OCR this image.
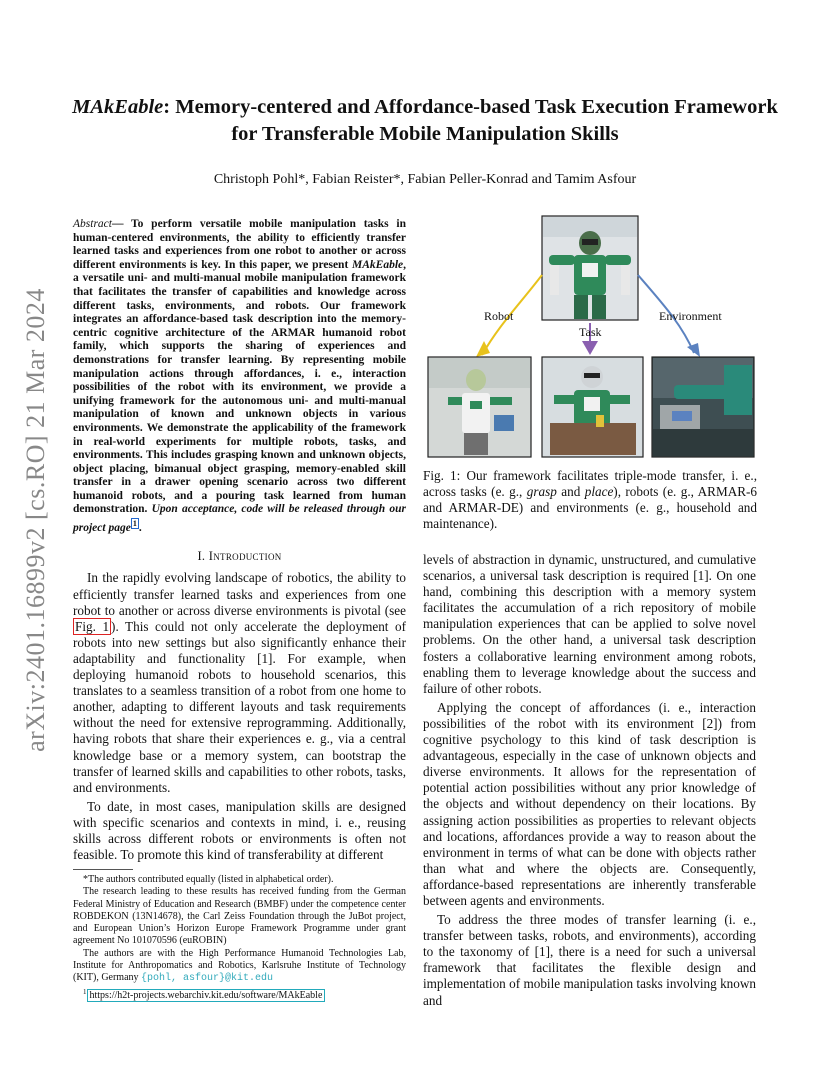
arXiv:2401.16899v2 [cs.RO] 21 Mar 2024
MAkEable: Memory-centered and Affordance-based Task Execution Framework for Transferable Mobile Manipulation Skills
Christoph Pohl*, Fabian Reister*, Fabian Peller-Konrad and Tamim Asfour
Abstract— To perform versatile mobile manipulation tasks in human-centered environments, the ability to efficiently transfer learned tasks and experiences from one robot to another or across different environments is key. In this paper, we present MAkEable, a versatile uni- and multi-manual mobile manipulation framework that facilitates the transfer of capabilities and knowledge across different tasks, environments, and robots. Our framework integrates an affordance-based task description into the memory-centric cognitive architecture of the ARMAR humanoid robot family, which supports the sharing of experiences and demonstrations for transfer learning. By representing mobile manipulation actions through affordances, i. e., interaction possibilities of the robot with its environment, we provide a unifying framework for the autonomous uni- and multi-manual manipulation of known and unknown objects in various environments. We demonstrate the applicability of the framework in real-world experiments for multiple robots, tasks, and environments. This includes grasping known and unknown objects, object placing, bimanual object grasping, memory-enabled skill transfer in a drawer opening scenario across two different humanoid robots, and a pouring task learned from human demonstration. Upon acceptance, code will be released through our project page $^1$ .
I. Introduction

In the rapidly evolving landscape of robotics, the ability to efficiently transfer learned tasks and experiences from one robot to another or across diverse environments is pivotal (see Fig. 1 ). This could not only accelerate the deployment of robots into new settings but also significantly enhance their adaptability and functionality [1]. For example, when deploying humanoid robots to household scenarios, this translates to a seamless transition of a robot from one home to another, adapting to different layouts and task requirements without the need for extensive reprogramming. Additionally, having robots that share their experiences e. g., via a central knowledge base or a memory system, can bootstrap the transfer of learned skills and capabilities to other robots, tasks, and environments.

To date, in most cases, manipulation skills are designed with specific scenarios and contexts in mind, i. e., reusing skills across different robots or environments is often not feasible. To promote this kind of transferability at different

*The authors contributed equally (listed in alphabetical order).

The research leading to these results has received funding from the German Federal Ministry of Education and Research (BMBF) under the competence center ROBDEKON (13N14678), the Carl Zeiss Foundation through the JuBot project, and European Union’s Horizon Europe Framework Programme under grant agreement No 101070596 (euROBIN)

The authors are with the High Performance Humanoid Technologies Lab, Institute for Anthropomatics and Robotics, Karlsruhe Institute of Technology (KIT), Germany {pohl, asfour}@kit.edu

$^1$ https://h2t-projects.webarchiv.kit.edu/software/MAkEable

Robot
Task
Environment
Fig. 1: Our framework facilitates triple-mode transfer, i. e., across tasks (e. g., grasp and place), robots (e. g., ARMAR-6 and ARMAR-DE) and environments (e. g., household and maintenance).

levels of abstraction in dynamic, unstructured, and cumulative scenarios, a universal task description is required [1]. On one hand, combining this description with a memory system facilitates the accumulation of a rich repository of mobile manipulation experiences that can be applied to solve novel problems. On the other hand, a universal task description fosters a collaborative learning environment among robots, enabling them to leverage knowledge about the success and failure of other robots.

Applying the concept of affordances (i. e., interaction possibilities of the robot with its environment [2]) from cognitive psychology to this kind of task description is advantageous, especially in the case of unknown objects and diverse environments. It allows for the representation of potential action possibilities without any prior knowledge of the objects and without dependency on their locations. By assigning action possibilities as properties to relevant objects and locations, affordances provide a way to reason about the environment in terms of what can be done with objects rather than what and where the objects are. Consequently, affordance-based representations are inherently transferable between agents and environments.

To address the three modes of transfer learning (i. e., transfer between tasks, robots, and environments), according to the taxonomy of [1], there is a need for such a universal framework that facilitates the flexible design and implementation of mobile manipulation tasks involving known and
